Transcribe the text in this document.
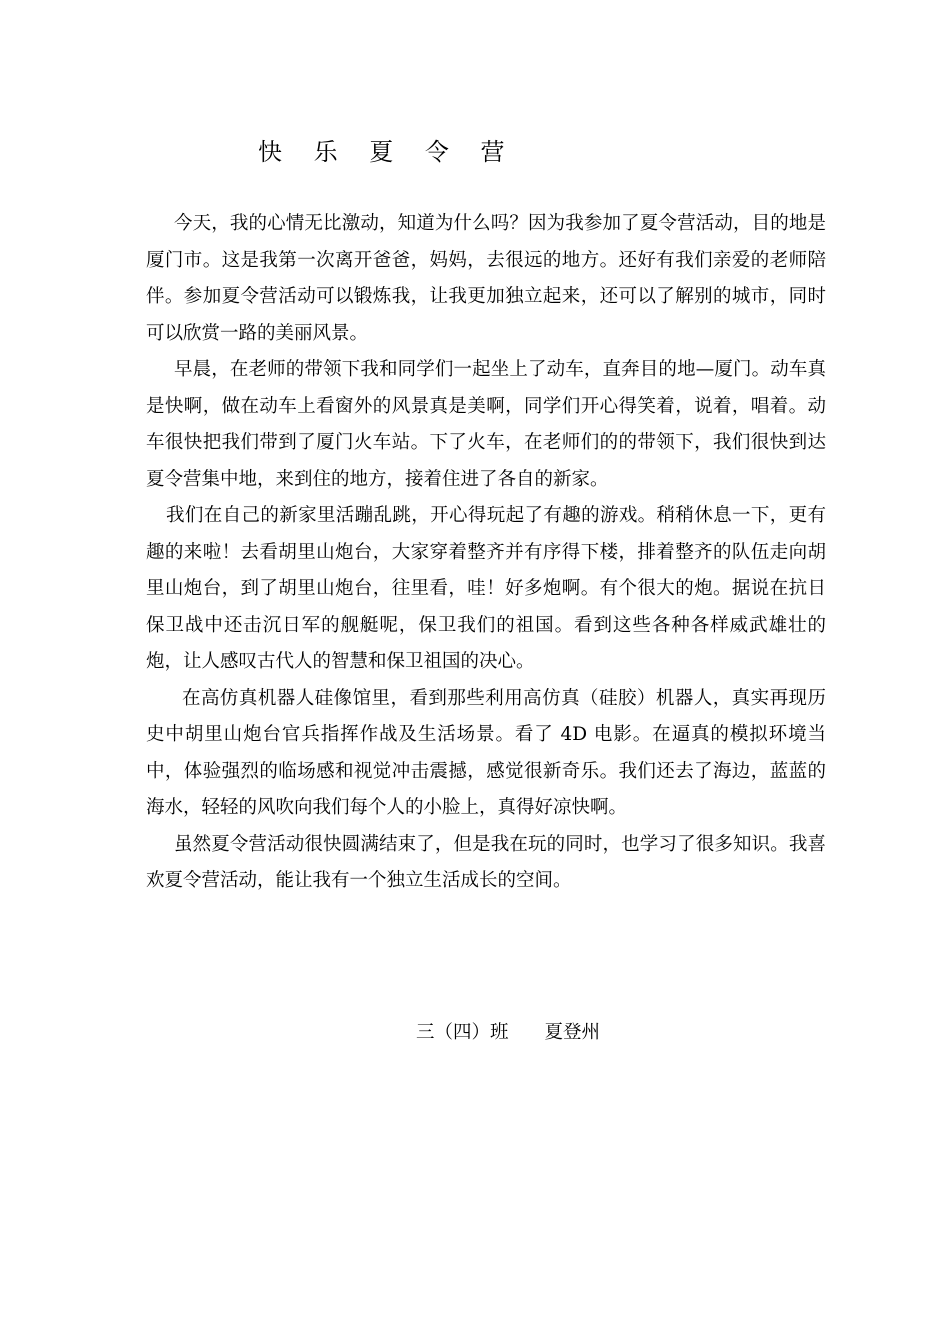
快 乐 夏 令 营

今天，我的心情无比激动，知道为什么吗？因为我参加了夏令营活动，目的地是厦门市。这是我第一次离开爸爸，妈妈，去很远的地方。还好有我们亲爱的老师陪伴。参加夏令营活动可以锻炼我，让我更加独立起来，还可以了解别的城市，同时可以欣赏一路的美丽风景。

早晨，在老师的带领下我和同学们一起坐上了动车，直奔目的地—厦门。动车真是快啊，做在动车上看窗外的风景真是美啊，同学们开心得笑着，说着，唱着。动车很快把我们带到了厦门火车站。下了火车，在老师们的的带领下，我们很快到达夏令营集中地，来到住的地方，接着住进了各自的新家。

我们在自己的新家里活蹦乱跳，开心得玩起了有趣的游戏。稍稍休息一下，更有趣的来啦！去看胡里山炮台，大家穿着整齐并有序得下楼，排着整齐的队伍走向胡里山炮台，到了胡里山炮台，往里看，哇！好多炮啊。有个很大的炮。据说在抗日保卫战中还击沉日军的舰艇呢，保卫我们的祖国。看到这些各种各样威武雄壮的炮，让人感叹古代人的智慧和保卫祖国的决心。

在高仿真机器人硅像馆里，看到那些利用高仿真（硅胶）机器人，真实再现历史中胡里山炮台官兵指挥作战及生活场景。看了 4D 电影。在逼真的模拟环境当中，体验强烈的临场感和视觉冲击震撼，感觉很新奇乐。我们还去了海边，蓝蓝的海水，轻轻的风吹向我们每个人的小脸上，真得好凉快啊。

虽然夏令营活动很快圆满结束了，但是我在玩的同时，也学习了很多知识。我喜欢夏令营活动，能让我有一个独立生活成长的空间。

三（四）班 夏登州
